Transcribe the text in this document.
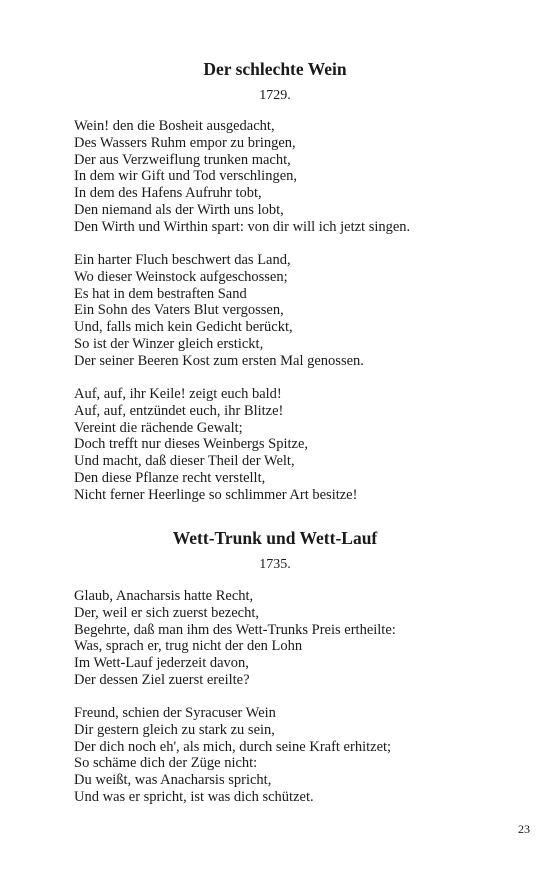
Der schlechte Wein
1729.
Wein! den die Bosheit ausgedacht,
Des Wassers Ruhm empor zu bringen,
Der aus Verzweiflung trunken macht,
In dem wir Gift und Tod verschlingen,
In dem des Hafens Aufruhr tobt,
Den niemand als der Wirth uns lobt,
Den Wirth und Wirthin spart: von dir will ich jetzt singen.
Ein harter Fluch beschwert das Land,
Wo dieser Weinstock aufgeschossen;
Es hat in dem bestraften Sand
Ein Sohn des Vaters Blut vergossen,
Und, falls mich kein Gedicht berückt,
So ist der Winzer gleich erstickt,
Der seiner Beeren Kost zum ersten Mal genossen.
Auf, auf, ihr Keile! zeigt euch bald!
Auf, auf, entzündet euch, ihr Blitze!
Vereint die rächende Gewalt;
Doch trefft nur dieses Weinbergs Spitze,
Und macht, daß dieser Theil der Welt,
Den diese Pflanze recht verstellt,
Nicht ferner Heerlinge so schlimmer Art besitze!
Wett-Trunk und Wett-Lauf
1735.
Glaub, Anacharsis hatte Recht,
Der, weil er sich zuerst bezecht,
Begehrte, daß man ihm des Wett-Trunks Preis ertheilte:
Was, sprach er, trug nicht der den Lohn
Im Wett-Lauf jederzeit davon,
Der dessen Ziel zuerst ereilte?
Freund, schien der Syracuser Wein
Dir gestern gleich zu stark zu sein,
Der dich noch eh', als mich, durch seine Kraft erhitzet;
So schäme dich der Züge nicht:
Du weißt, was Anacharsis spricht,
Und was er spricht, ist was dich schützet.
23
